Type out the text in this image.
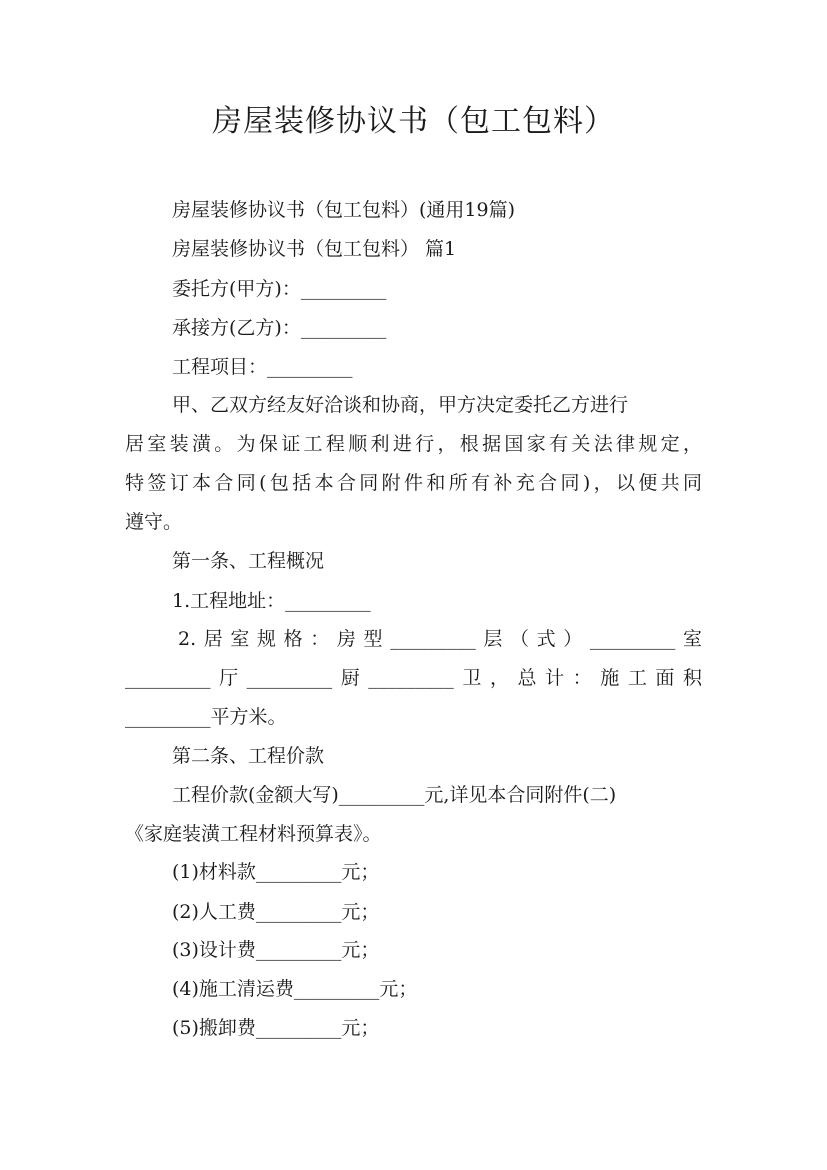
房屋装修协议书（包工包料）
房屋装修协议书（包工包料）(通用19篇)
房屋装修协议书（包工包料） 篇1
委托方(甲方)：_________
承接方(乙方)：_________
工程项目：_________
甲、乙双方经友好洽谈和协商，甲方决定委托乙方进行
居室装潢。为保证工程顺利进行，根据国家有关法律规定，
特签订本合同(包括本合同附件和所有补充合同)，以便共同
遵守。
第一条、工程概况
1.工程地址：_________
2.居室规格：房型_________层（式）_________室
_________厅_________厨_________卫，总计：施工面积
_________平方米。
第二条、工程价款
工程价款(金额大写)_________元,详见本合同附件(二)
《家庭装潢工程材料预算表》。
(1)材料款_________元；
(2)人工费_________元；
(3)设计费_________元；
(4)施工清运费_________元；
(5)搬卸费_________元；
